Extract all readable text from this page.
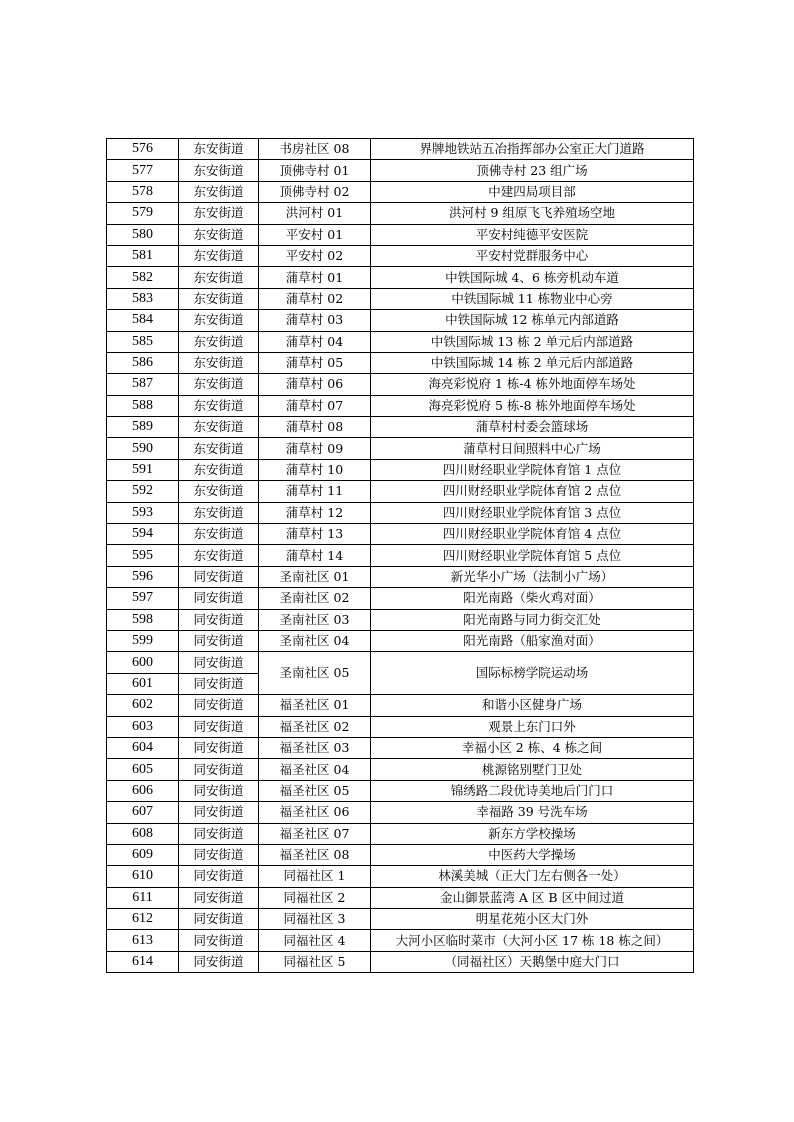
576	东安街道	书房社区 08	界牌地铁站五冶指挥部办公室正大门道路
577	东安街道	顶佛寺村 01	顶佛寺村 23 组广场
578	东安街道	顶佛寺村 02	中建四局项目部
579	东安街道	洪河村 01	洪河村 9 组原飞飞养殖场空地
580	东安街道	平安村 01	平安村纯德平安医院
581	东安街道	平安村 02	平安村党群服务中心
582	东安街道	蒲草村 01	中铁国际城 4、6 栋旁机动车道
583	东安街道	蒲草村 02	中铁国际城 11 栋物业中心旁
584	东安街道	蒲草村 03	中铁国际城 12 栋单元内部道路
585	东安街道	蒲草村 04	中铁国际城 13 栋 2 单元后内部道路
586	东安街道	蒲草村 05	中铁国际城 14 栋 2 单元后内部道路
587	东安街道	蒲草村 06	海亮彩悦府 1 栋-4 栋外地面停车场处
588	东安街道	蒲草村 07	海亮彩悦府 5 栋-8 栋外地面停车场处
589	东安街道	蒲草村 08	蒲草村村委会篮球场
590	东安街道	蒲草村 09	蒲草村日间照料中心广场
591	东安街道	蒲草村 10	四川财经职业学院体育馆 1 点位
592	东安街道	蒲草村 11	四川财经职业学院体育馆 2 点位
593	东安街道	蒲草村 12	四川财经职业学院体育馆 3 点位
594	东安街道	蒲草村 13	四川财经职业学院体育馆 4 点位
595	东安街道	蒲草村 14	四川财经职业学院体育馆 5 点位
596	同安街道	圣南社区 01	新光华小广场（法制小广场）
597	同安街道	圣南社区 02	阳光南路（柴火鸡对面）
598	同安街道	圣南社区 03	阳光南路与同力街交汇处
599	同安街道	圣南社区 04	阳光南路（船家渔对面）
600	同安街道	圣南社区 05	国际标榜学院运动场
601	同安街道		
602	同安街道	福圣社区 01	和谐小区健身广场
603	同安街道	福圣社区 02	观景上东门口外
604	同安街道	福圣社区 03	幸福小区 2 栋、4 栋之间
605	同安街道	福圣社区 04	桃源铭别墅门卫处
606	同安街道	福圣社区 05	锦绣路二段优诗美地后门门口
607	同安街道	福圣社区 06	幸福路 39 号洗车场
608	同安街道	福圣社区 07	新东方学校操场
609	同安街道	福圣社区 08	中医药大学操场
610	同安街道	同福社区 1	林溪美城（正大门左右侧各一处）
611	同安街道	同福社区 2	金山御景蓝湾 A 区 B 区中间过道
612	同安街道	同福社区 3	明星花苑小区大门外
613	同安街道	同福社区 4	大河小区临时菜市（大河小区 17 栋 18 栋之间）
614	同安街道	同福社区 5	（同福社区）天鹅堡中庭大门口
